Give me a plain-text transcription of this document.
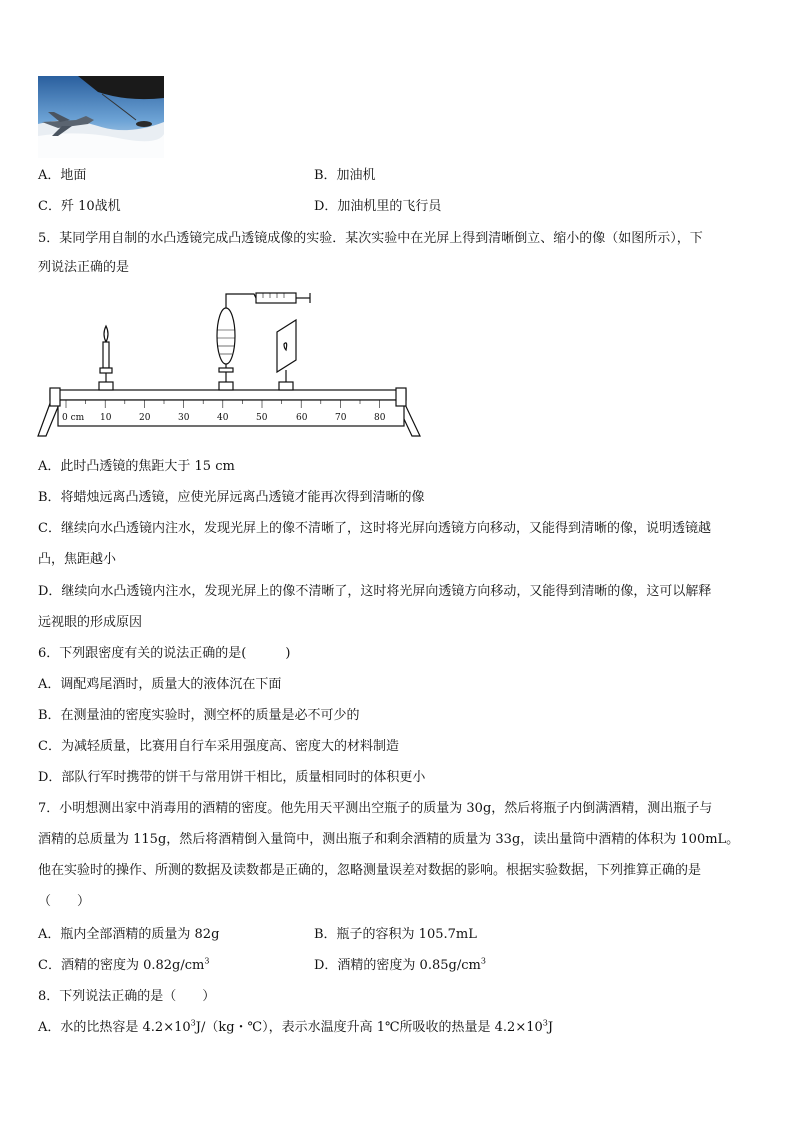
A．地面	B．加油机
C．歼 10战机	D．加油机里的飞行员
5．某同学用自制的水凸透镜完成凸透镜成像的实验．某次实验中在光屏上得到清晰倒立、缩小的像（如图所示），下
列说法正确的是
0 cm 10	20	30	40	50	60	70	80
A．此时凸透镜的焦距大于 15 cm
B．将蜡烛远离凸透镜，应使光屏远离凸透镜才能再次得到清晰的像
C．继续向水凸透镜内注水，发现光屏上的像不清晰了，这时将光屏向透镜方向移动，又能得到清晰的像，说明透镜越
凸，焦距越小
D．继续向水凸透镜内注水，发现光屏上的像不清晰了，这时将光屏向透镜方向移动，又能得到清晰的像，这可以解释
远视眼的形成原因
6．下列跟密度有关的说法正确的是(　　　)
A．调配鸡尾酒时，质量大的液体沉在下面
B．在测量油的密度实验时，测空杯的质量是必不可少的
C．为减轻质量，比赛用自行车采用强度高、密度大的材料制造
D．部队行军时携带的饼干与常用饼干相比，质量相同时的体积更小
7．小明想测出家中消毒用的酒精的密度。他先用天平测出空瓶子的质量为 30g，然后将瓶子内倒满酒精，测出瓶子与
酒精的总质量为 115g，然后将酒精倒入量筒中，测出瓶子和剩余酒精的质量为 33g，读出量筒中酒精的体积为 100mL。
他在实验时的操作、所测的数据及读数都是正确的，忽略测量误差对数据的影响。根据实验数据，下列推算正确的是
（　　）
A．瓶内全部酒精的质量为 82g	B．瓶子的容积为 105.7mL
C．酒精的密度为 $0.82g/cm^3$	D．酒精的密度为 $0.85g/cm^3$
8．下列说法正确的是（　　）
A．水的比热容是 $4.2\times 10^3J/(kg$・℃），表示水温度升高 1℃所吸收的热量是 $4.2\times 10^3J$
